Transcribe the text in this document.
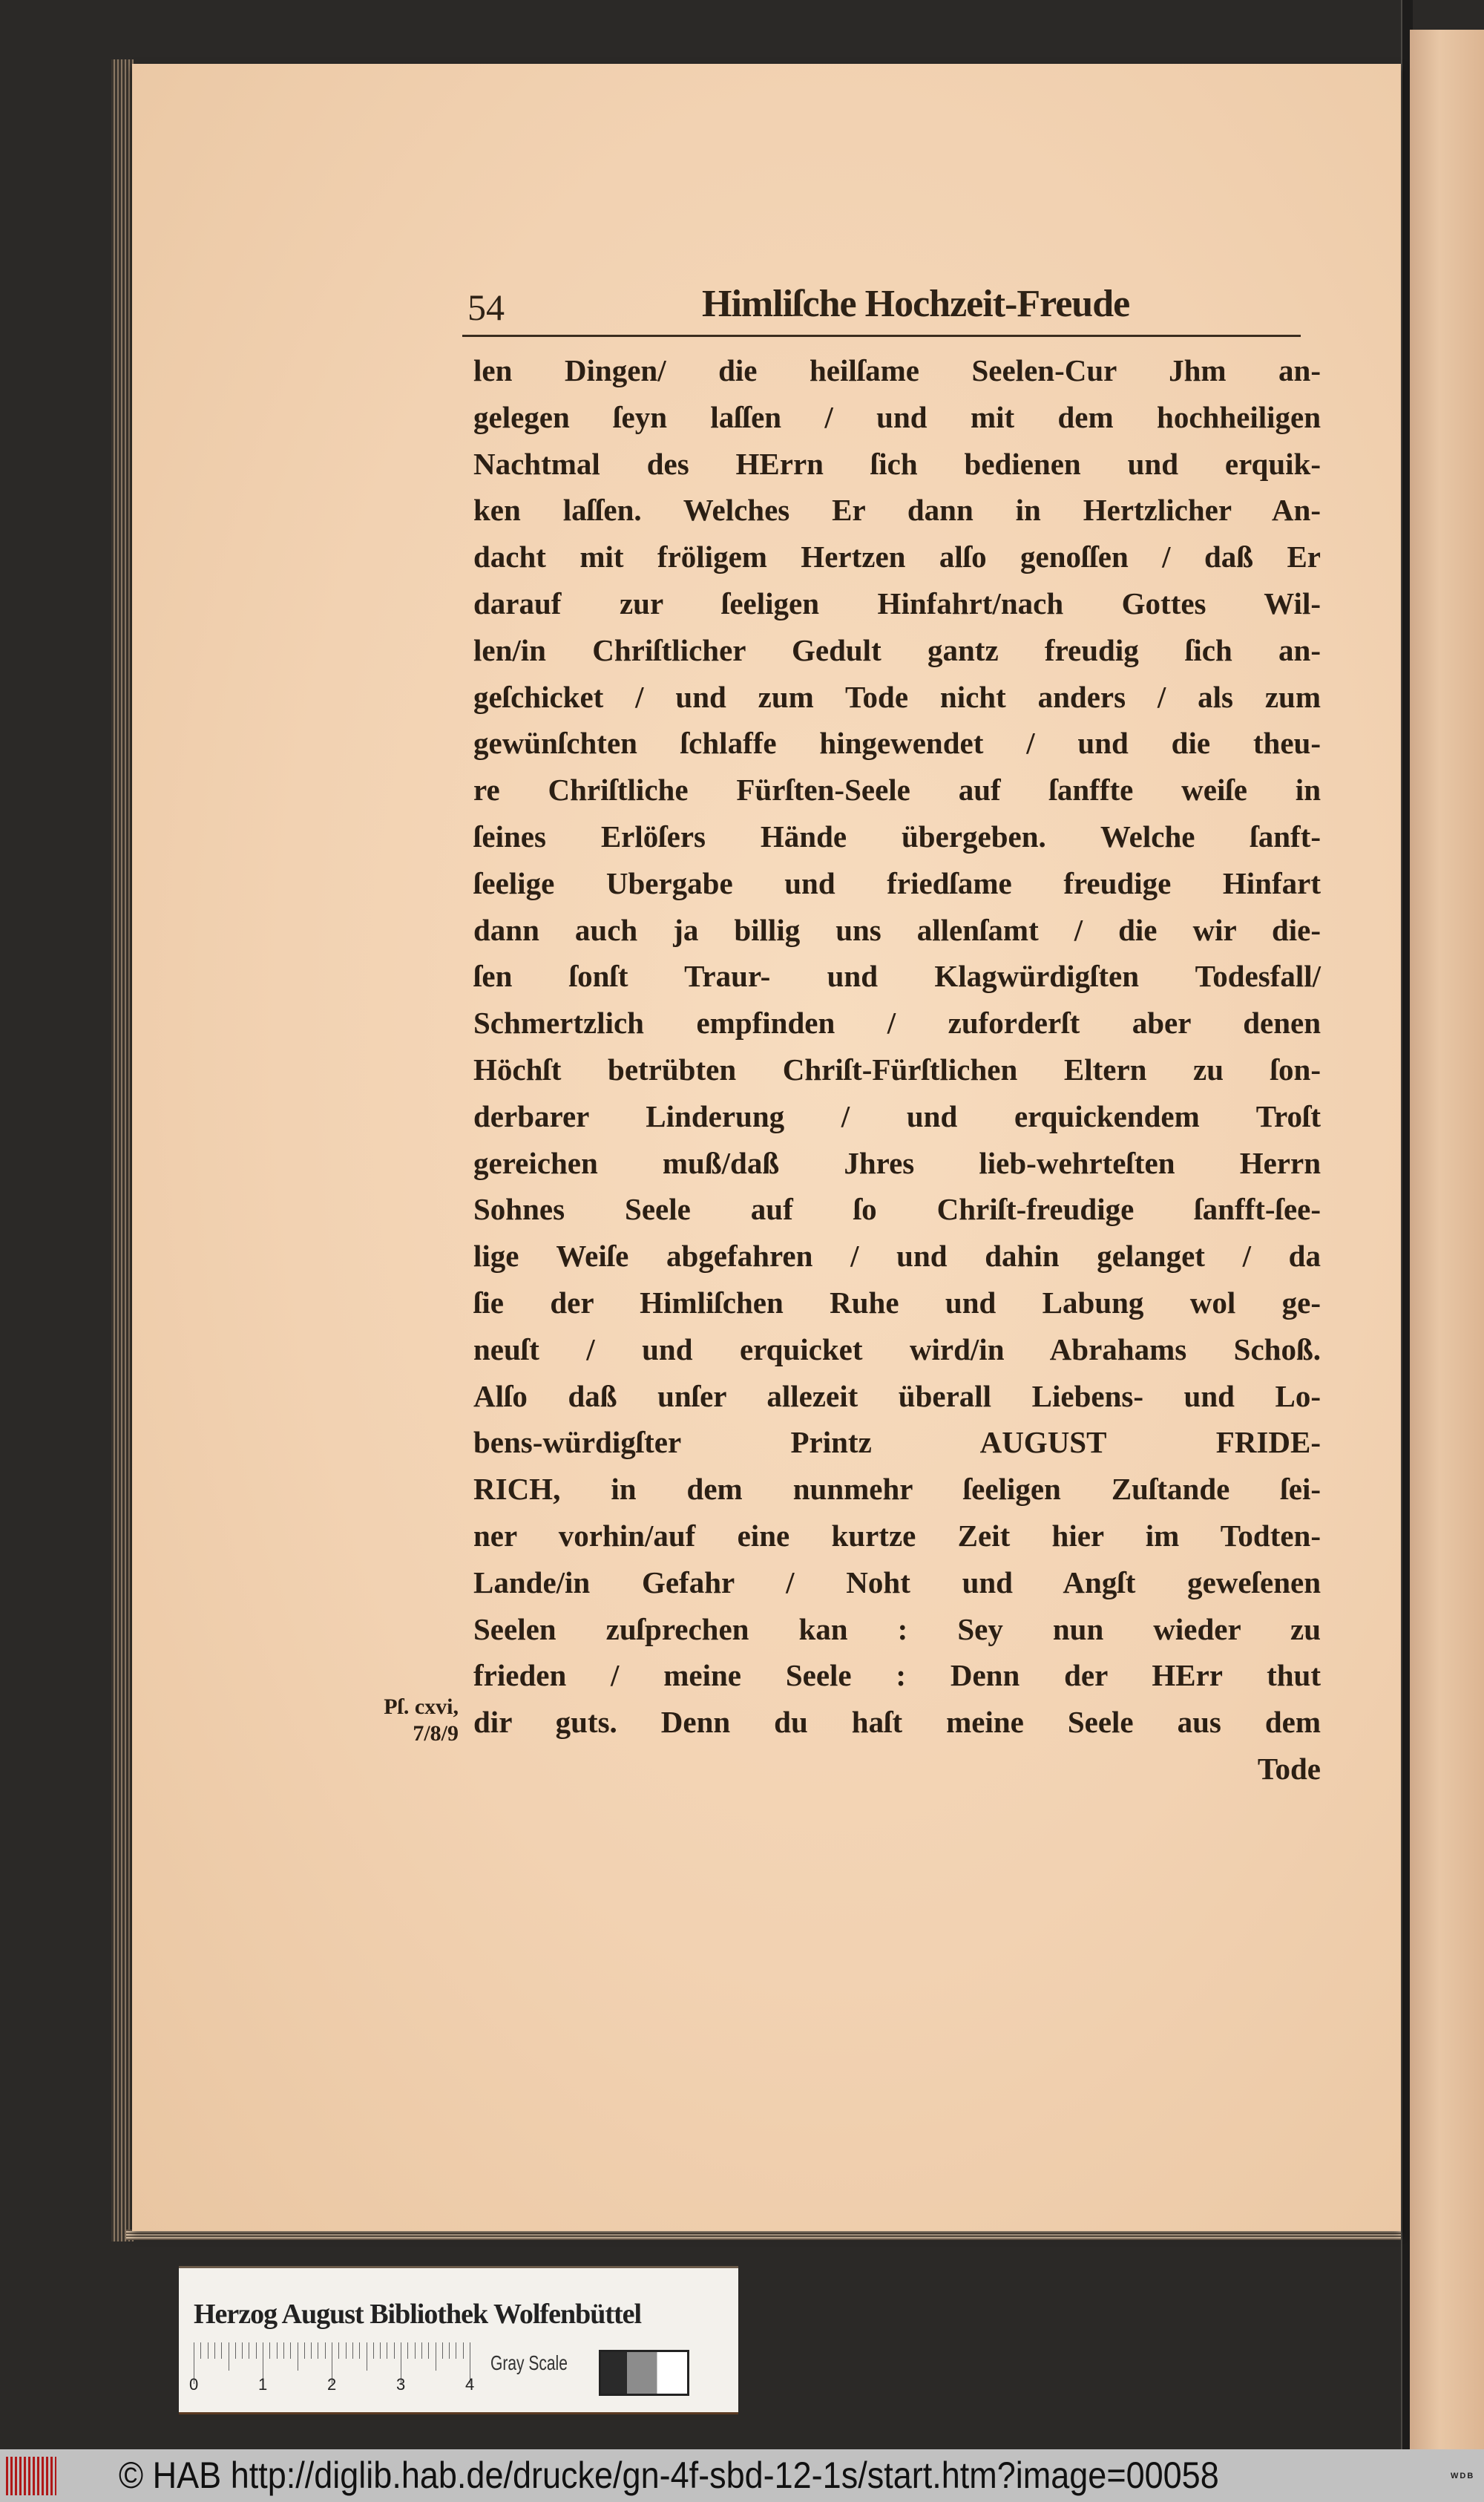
54	Himliſche Hochzeit-Freude
len Dingen/ die heilſame Seelen-Cur Jhm an-
gelegen ſeyn laſſen / und mit dem hochheiligen
Nachtmal des HErrn ſich bedienen und erquik-
ken laſſen. Welches Er dann in Hertzlicher An-
dacht mit fröligem Hertzen alſo genoſſen / daß Er
darauf zur ſeeligen Hinfahrt/nach Gottes Wil-
len/in Chriſtlicher Gedult gantz freudig ſich an-
geſchicket / und zum Tode nicht anders / als zum
gewünſchten ſchlaffe hingewendet / und die theu-
re Chriſtliche Fürſten-Seele auf ſanffte weiſe in
ſeines Erlöſers Hände übergeben. Welche ſanft-
ſeelige Ubergabe und friedſame freudige Hinfart
dann auch ja billig uns allenſamt / die wir die-
ſen ſonſt Traur- und Klagwürdigſten Todesfall/
Schmertzlich empfinden / zuforderſt aber denen
Höchſt betrübten Chriſt-Fürſtlichen Eltern zu ſon-
derbarer Linderung / und erquickendem Troſt
gereichen muß/daß Jhres lieb-wehrteſten Herrn
Sohnes Seele auf ſo Chriſt-freudige ſanfft-ſee-
lige Weiſe abgefahren / und dahin gelanget / da
ſie der Himliſchen Ruhe und Labung wol ge-
neuſt / und erquicket wird/in Abrahams Schoß.
Alſo daß unſer allezeit überall Liebens- und Lo-
bens-würdigſter Printz AUGUST FRIDE-
RICH, in dem nunmehr ſeeligen Zuſtande ſei-
ner vorhin/auf eine kurtze Zeit hier im Todten-
Lande/in Gefahr / Noht und Angſt geweſenen
Seelen zuſprechen kan : Sey nun wieder zu
frieden / meine Seele : Denn der HErr thut
dir guts. Denn du haſt meine Seele aus dem
Tode
Pſ. cxvi,
7/8/9
Herzog August Bibliothek Wolfenbüttel
Gray Scale
0	1	2	3	4
© HAB http://diglib.hab.de/drucke/gn-4f-sbd-12-1s/start.htm?image=00058	WDB
